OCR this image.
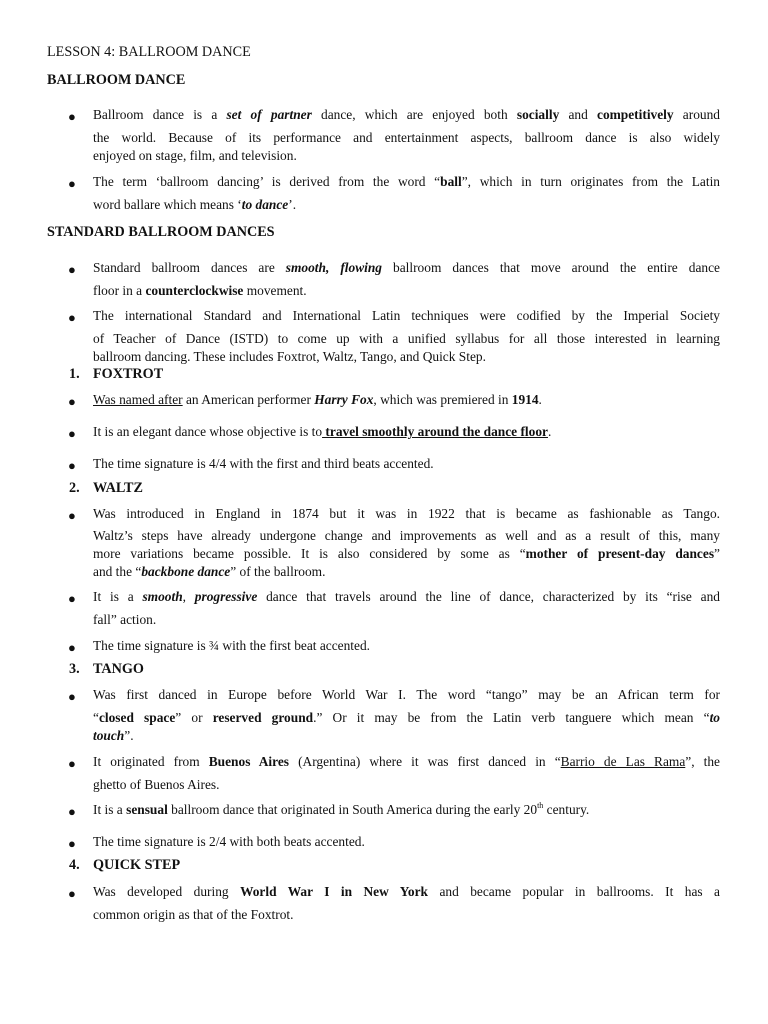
LESSON 4: BALLROOM DANCE
BALLROOM DANCE
● Ballroom dance is a set of partner dance, which are enjoyed both socially and competitively around
the world. Because of its performance and entertainment aspects, ballroom dance is also widely
enjoyed on stage, film, and television.
● The term ‘ballroom dancing’ is derived from the word “ball”, which in turn originates from the Latin
word ballare which means ‘to dance’.
STANDARD BALLROOM DANCES
● Standard ballroom dances are smooth, flowing ballroom dances that move around the entire dance
floor in a counterclockwise movement.
● The international Standard and International Latin techniques were codified by the Imperial Society
of Teacher of Dance (ISTD) to come up with a unified syllabus for all those interested in learning
ballroom dancing. These includes Foxtrot, Waltz, Tango, and Quick Step.
1. FOXTROT
● Was named after an American performer Harry Fox, which was premiered in 1914.
● It is an elegant dance whose objective is to travel smoothly around the dance floor.
● The time signature is 4/4 with the first and third beats accented.
2. WALTZ
● Was introduced in England in 1874 but it was in 1922 that is became as fashionable as Tango.
Waltz’s steps have already undergone change and improvements as well and as a result of this, many
more variations became possible. It is also considered by some as “mother of present-day dances”
and the “backbone dance” of the ballroom.
● It is a smooth, progressive dance that travels around the line of dance, characterized by its “rise and
fall” action.
● The time signature is ¾ with the first beat accented.
3. TANGO
● Was first danced in Europe before World War I. The word “tango” may be an African term for
“closed space” or reserved ground.” Or it may be from the Latin verb tanguere which mean “to
touch”.
● It originated from Buenos Aires (Argentina) where it was first danced in “Barrio de Las Rama”, the
ghetto of Buenos Aires.
● It is a sensual ballroom dance that originated in South America during the early 20th century.
● The time signature is 2/4 with both beats accented.
4. QUICK STEP
● Was developed during World War I in New York and became popular in ballrooms. It has a
common origin as that of the Foxtrot.
